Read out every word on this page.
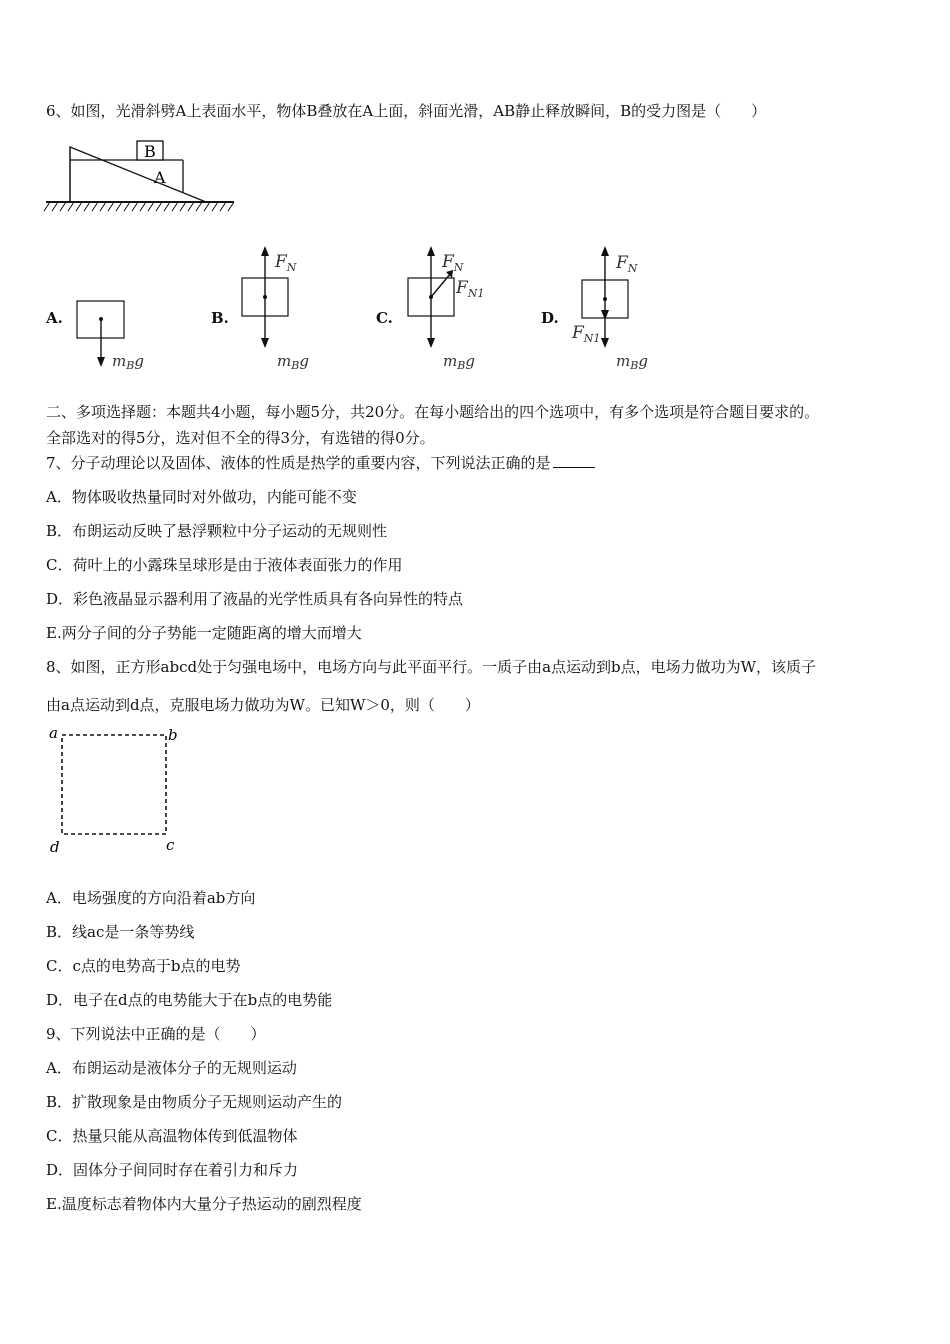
6、如图，光滑斜劈A上表面水平，物体B叠放在A上面，斜面光滑，AB静止释放瞬间，B的受力图是（　　）
B
A
A.	B.	C.	D.
$m_Bg$
$F_N$
$m_Bg$
$F_N$
$F_{N1}$
$m_Bg$
$F_N$
$F_{N1}$
$m_Bg$
二、多项选择题：本题共4小题，每小题5分，共20分。在每小题给出的四个选项中，有多个选项是符合题目要求的。
全部选对的得5分，选对但不全的得3分，有选错的得0分。
7、分子动理论以及固体、液体的性质是热学的重要内容，下列说法正确的是
A．物体吸收热量同时对外做功，内能可能不变
B．布朗运动反映了悬浮颗粒中分子运动的无规则性
C．荷叶上的小露珠呈球形是由于液体表面张力的作用
D．彩色液晶显示器利用了液晶的光学性质具有各向异性的特点
E.两分子间的分子势能一定随距离的增大而增大
8、如图，正方形abcd处于匀强电场中，电场方向与此平面平行。一质子由a点运动到b点，电场力做功为W，该质子
由a点运动到d点，克服电场力做功为W。已知W＞0，则（　　）
a	b
c
d
A．电场强度的方向沿着ab方向
B．线ac是一条等势线
C．c点的电势高于b点的电势
D．电子在d点的电势能大于在b点的电势能
9、下列说法中正确的是（　　）
A．布朗运动是液体分子的无规则运动
B．扩散现象是由物质分子无规则运动产生的
C．热量只能从高温物体传到低温物体
D．固体分子间同时存在着引力和斥力
E.温度标志着物体内大量分子热运动的剧烈程度
